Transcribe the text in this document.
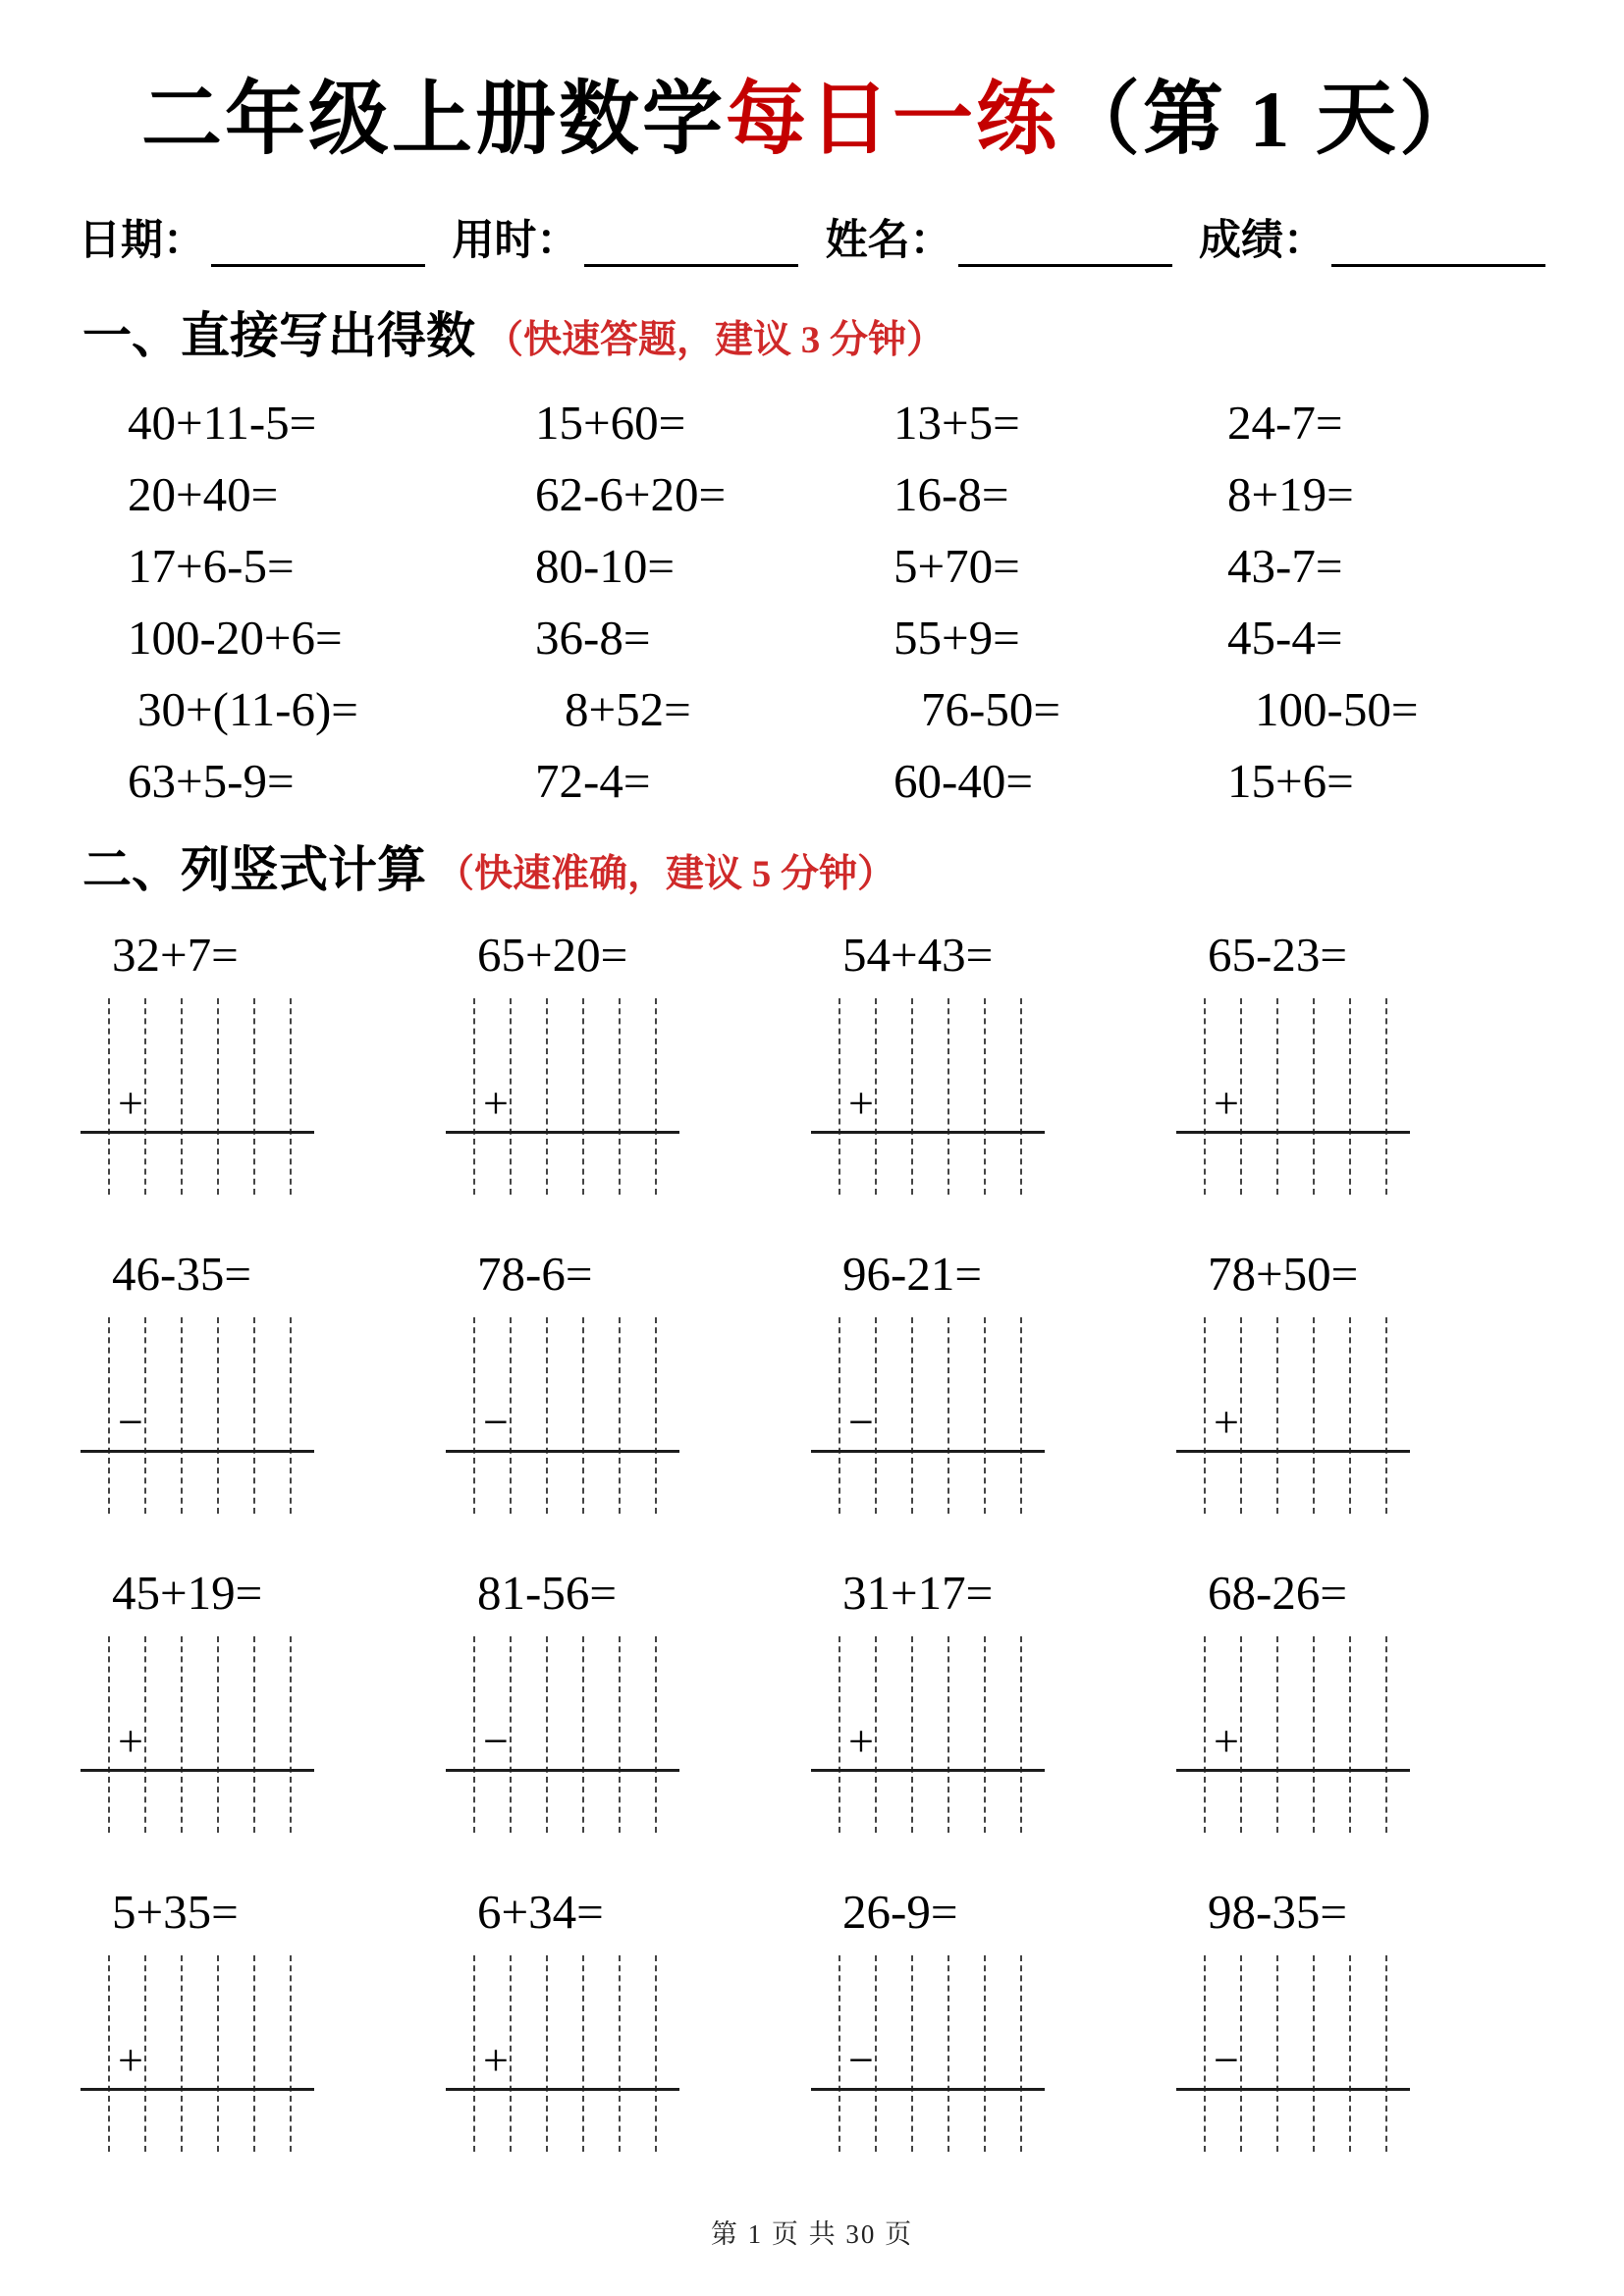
二年级上册数学每日一练（第 1 天）
日期：	用时：	姓名：	成绩：
一、直接写出得数 （快速答题，建议 3 分钟）
40+11-5=	15+60=	13+5=	24-7=
20+40=	62-6+20=	16-8=	8+19=
17+6-5=	80-10=	5+70=	43-7=
100-20+6=	36-8=	55+9=	45-4=
30+(11-6)=	8+52=	76-50=	100-50=
63+5-9=	72-4=	60-40=	15+6=
二、列竖式计算 （快速准确，建议 5 分钟）
32+7=
+
65+20=
+
54+43=
+
65-23=
+
46-35=
−
78-6=
−
96-21=
−
78+50=
+
45+19=
+
81-56=
−
31+17=
+
68-26=
+
5+35=
+
6+34=
+
26-9=
−
98-35=
−
第 1 页 共 30 页
